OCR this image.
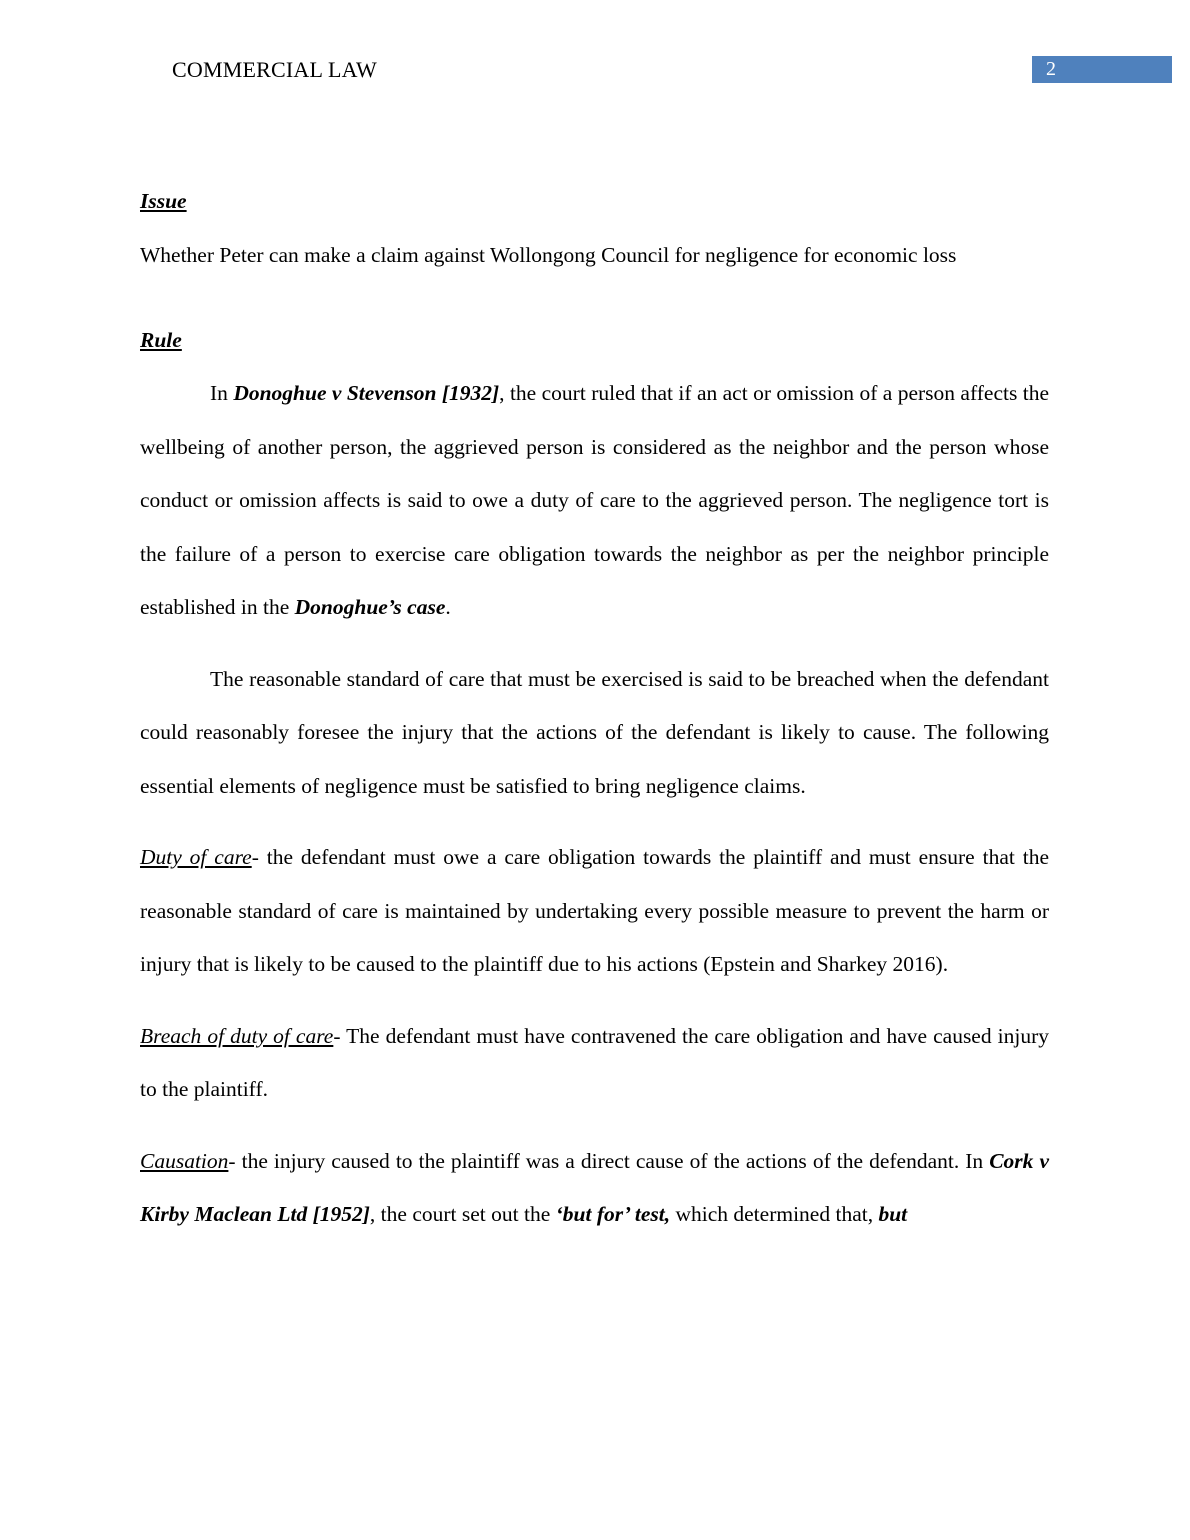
COMMERCIAL LAW	2
Issue
Whether Peter can make a claim against Wollongong Council for negligence for economic loss
Rule

In Donoghue v Stevenson [1932], the court ruled that if an act or omission of a person affects the wellbeing of another person, the aggrieved person is considered as the neighbor and the person whose conduct or omission affects is said to owe a duty of care to the aggrieved person. The negligence tort is the failure of a person to exercise care obligation towards the neighbor as per the neighbor principle established in the Donoghue’s case.

The reasonable standard of care that must be exercised is said to be breached when the defendant could reasonably foresee the injury that the actions of the defendant is likely to cause. The following essential elements of negligence must be satisfied to bring negligence claims.

Duty of care- the defendant must owe a care obligation towards the plaintiff and must ensure that the reasonable standard of care is maintained by undertaking every possible measure to prevent the harm or injury that is likely to be caused to the plaintiff due to his actions (Epstein and Sharkey 2016).

Breach of duty of care- The defendant must have contravened the care obligation and have caused injury to the plaintiff.

Causation- the injury caused to the plaintiff was a direct cause of the actions of the defendant. In Cork v Kirby Maclean Ltd [1952], the court set out the ‘but for’ test, which determined that, but
